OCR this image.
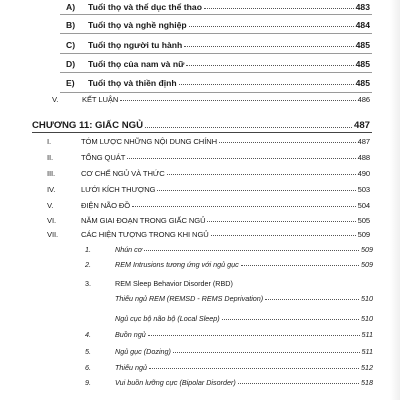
A)	Tuổi thọ và thể dục thể thao	483
B)	Tuổi thọ và nghề nghiệp	484
C)	Tuổi thọ người tu hành	485
D)	Tuổi thọ của nam và nữ	485
E)	Tuổi thọ và thiền định	485
V.	KẾT LUẬN	486
CHƯƠNG 11: GIẤC NGỦ	487
I.	TÓM LƯỢC NHỮNG NỘI DUNG CHÍNH	487
II.	TỔNG QUÁT	488
III.	CƠ CHẾ NGỦ VÀ THỨC	490
IV.	LƯỚI KÍCH THƯỢNG	503
V.	ĐIỆN NÃO ĐỒ	504
VI.	NĂM GIAI ĐOẠN TRONG GIẤC NGỦ	505
VII.	CÁC HIỆN TƯỢNG TRONG KHI NGỦ	509
1.	Nhún cơ	509
2.	REM Intrusions tương ứng với ngủ gục	509
3.	REM Sleep Behavior Disorder (RBD)
Thiếu ngủ REM (REMSD - REMS Deprivation)	510
Ngủ cục bộ não bộ (Local Sleep)	510
4.	Buồn ngủ	511
5.	Ngủ gục (Dozing)	511
6.	Thiếu ngủ	512
9.	Vui buồn lưỡng cực (Bipolar Disorder)	518
